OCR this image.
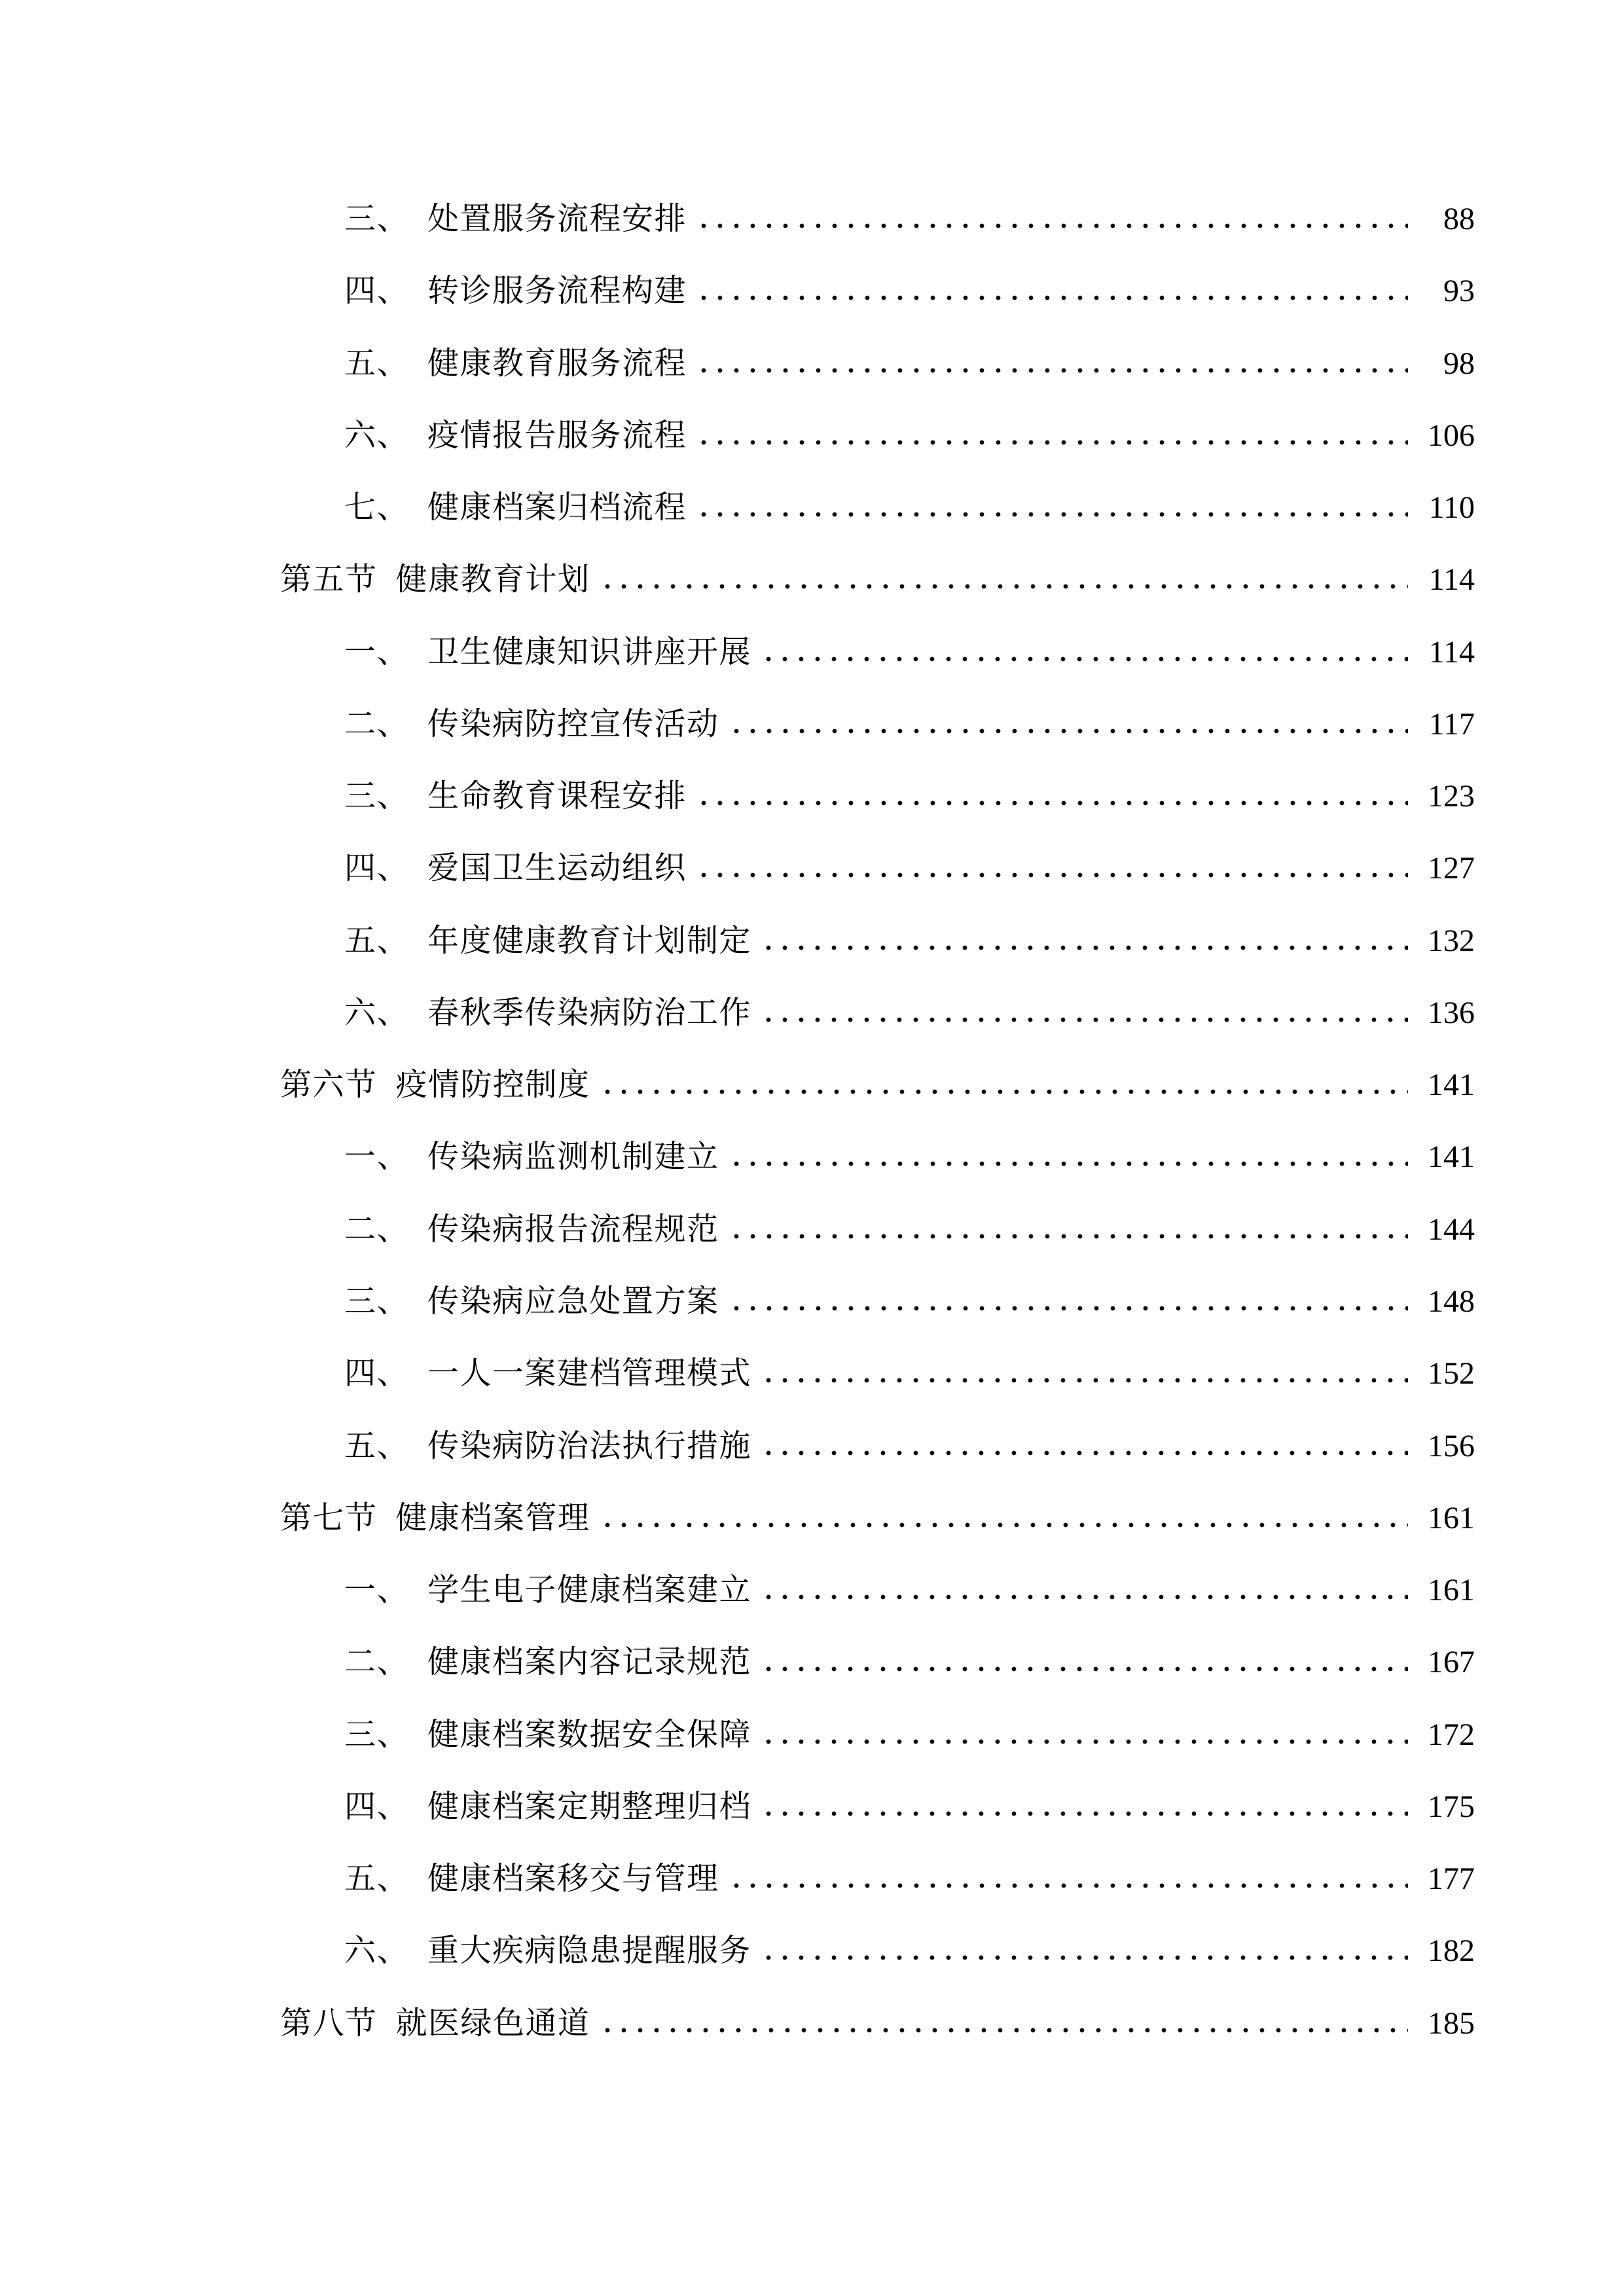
三、 处置服务流程安排	88
四、 转诊服务流程构建	93
五、 健康教育服务流程	98
六、 疫情报告服务流程	106
七、 健康档案归档流程	110
第五节 健康教育计划	114
一、 卫生健康知识讲座开展	114
二、 传染病防控宣传活动	117
三、 生命教育课程安排	123
四、 爱国卫生运动组织	127
五、 年度健康教育计划制定	132
六、 春秋季传染病防治工作	136
第六节 疫情防控制度	141
一、 传染病监测机制建立	141
二、 传染病报告流程规范	144
三、 传染病应急处置方案	148
四、 一人一案建档管理模式	152
五、 传染病防治法执行措施	156
第七节 健康档案管理	161
一、 学生电子健康档案建立	161
二、 健康档案内容记录规范	167
三、 健康档案数据安全保障	172
四、 健康档案定期整理归档	175
五、 健康档案移交与管理	177
六、 重大疾病隐患提醒服务	182
第八节 就医绿色通道	185
